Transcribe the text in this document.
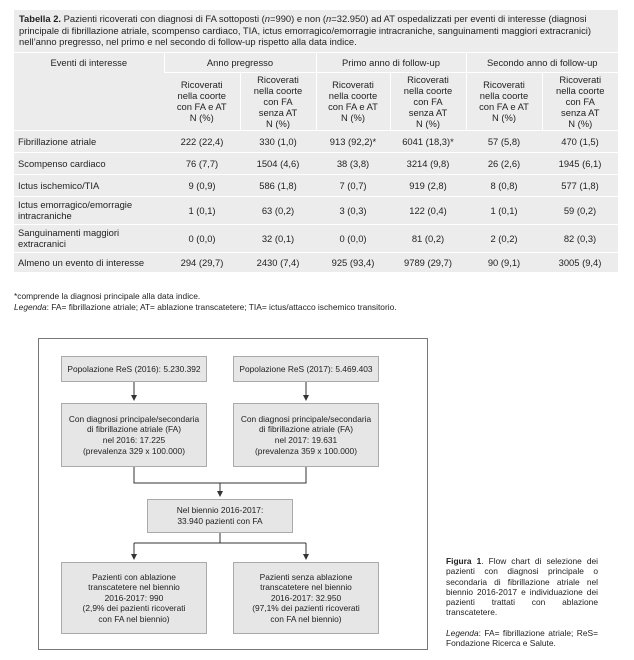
Tabella 2. Pazienti ricoverati con diagnosi di FA sottoposti (n=990) e non (n=32.950) ad AT ospedalizzati per eventi di interesse (diagnosi principale di fibrillazione atriale, scompenso cardiaco, TIA, ictus emorragico/emorragie intracraniche, sanguinamenti maggiori extracranici) nell’anno pregresso, nel primo e nel secondo di follow-up rispetto alla data indice.
Eventi di interesse	Anno pregresso		Primo anno di follow-up		Secondo anno di follow-up	
	Ricoverati
nella coorte
con FA e AT
N (%)	Ricoverati
nella coorte
con FA
senza AT
N (%)	Ricoverati
nella coorte
con FA e AT
N (%)	Ricoverati
nella coorte
con FA
senza AT
N (%)	Ricoverati
nella coorte
con FA e AT
N (%)	Ricoverati
nella coorte
con FA
senza AT
N (%)
Fibrillazione atriale	222 (22,4)	330 (1,0)	913 (92,2)*	6041 (18,3)*	57 (5,8)	470 (1,5)
Scompenso cardiaco	76 (7,7)	1504 (4,6)	38 (3,8)	3214 (9,8)	26 (2,6)	1945 (6,1)
Ictus ischemico/TIA	9 (0,9)	586 (1,8)	7 (0,7)	919 (2,8)	8 (0,8)	577 (1,8)
Ictus emorragico/emorragie intracraniche	1 (0,1)	63 (0,2)	3 (0,3)	122 (0,4)	1 (0,1)	59 (0,2)
Sanguinamenti maggiori extracranici	0 (0,0)	32 (0,1)	0 (0,0)	81 (0,2)	2 (0,2)	82 (0,3)
Almeno un evento di interesse	294 (29,7)	2430 (7,4)	925 (93,4)	9789 (29,7)	90 (9,1)	3005 (9,4)
*comprende la diagnosi principale alla data indice.
Legenda: FA= fibrillazione atriale; AT= ablazione transcatetere; TIA= ictus/attacco ischemico transitorio.
Popolazione ReS (2016): 5.230.392	Popolazione ReS (2017): 5.469.403
Con diagnosi principale/secondaria
di fibrillazione atriale (FA)
nel 2016: 17.225
(prevalenza 329 x 100.000)
Con diagnosi principale/secondaria
di fibrillazione atriale (FA)
nel 2017: 19.631
(prevalenza 359 x 100.000)
Nel biennio 2016-2017:
33.940 pazienti con FA
Pazienti con ablazione
transcatetere nel biennio
2016-2017: 990
(2,9% dei pazienti ricoverati
con FA nel biennio)
Pazienti senza ablazione
transcatetere nel biennio
2016-2017: 32.950
(97,1% dei pazienti ricoverati
con FA nel biennio)
Figura 1. Flow chart di selezione dei pazienti con diagnosi principale o secondaria di fibrillazione atriale nel biennio 2016-2017 e individuazione dei pazienti trattati con ablazione transcatetere.
Legenda: FA= fibrillazione atriale; ReS= Fondazione Ricerca e Salute.
